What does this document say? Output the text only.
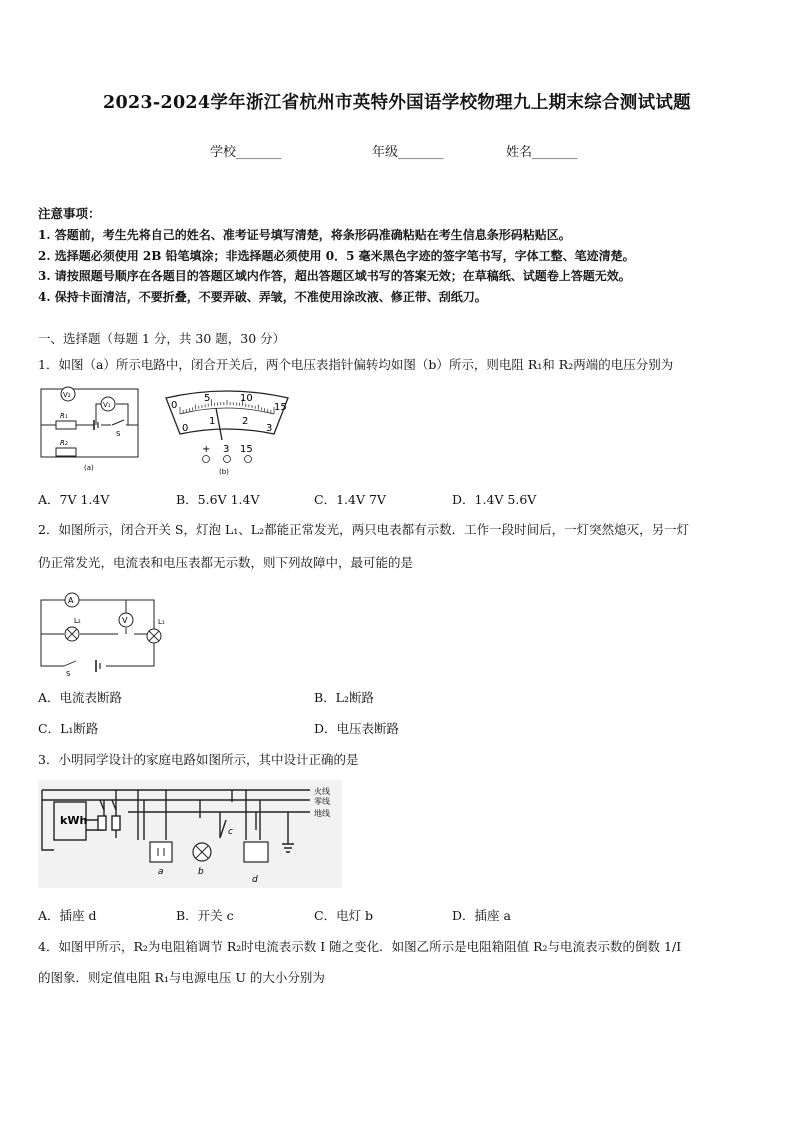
2023-2024学年浙江省杭州市英特外国语学校物理九上期末综合测试试题
学校_______	年级_______	姓名_______
注意事项：
1. 答题前，考生先将自己的姓名、准考证号填写清楚，将条形码准确粘贴在考生信息条形码粘贴区。
2. 选择题必须使用 2B 铅笔填涂；非选择题必须使用 0．5 毫米黑色字迹的签字笔书写，字体工整、笔迹清楚。
3. 请按照题号顺序在各题目的答题区域内作答，超出答题区域书写的答案无效；在草稿纸、试题卷上答题无效。
4. 保持卡面清洁，不要折叠，不要弄破、弄皱，不准使用涂改液、修正带、刮纸刀。
一、选择题（每题 1 分，共 30 题，30 分）
1．如图（a）所示电路中，闭合开关后，两个电压表指针偏转均如图（b）所示，则电阻 R₁和 R₂两端的电压分别为
V₂
V₁
R₁
R₂
S
(a)
0
5	10
15
0
1	2
3
+ 3 15
(b)
A．7V 1.4V	B．5.6V 1.4V	C．1.4V 7V	D．1.4V 5.6V
2．如图所示，闭合开关 S，灯泡 L₁、L₂都能正常发光，两只电表都有示数．工作一段时间后，一灯突然熄灭，另一灯
仍正常发光，电流表和电压表都无示数，则下列故障中，最可能的是
A
V
L₂	L₁
S
A．电流表断路	B．L₂断路
C．L₁断路	D．电压表断路
3．小明同学设计的家庭电路如图所示，其中设计正确的是
kWh
火线
零线
地线
a	b
c
d
A．插座 d	B．开关 c	C．电灯 b	D．插座 a
4．如图甲所示，R₂为电阻箱调节 R₂时电流表示数 I 随之变化．如图乙所示是电阻箱阻值 R₂与电流表示数的倒数 1/I
的图象．则定值电阻 R₁与电源电压 U 的大小分别为
